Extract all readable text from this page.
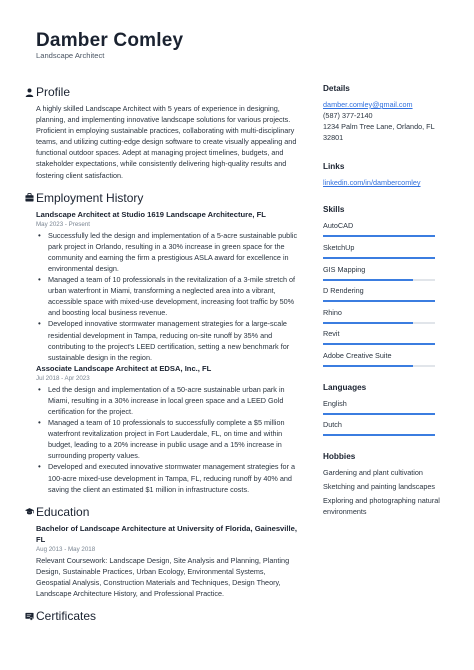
Damber Comley
Landscape Architect
Profile
A highly skilled Landscape Architect with 5 years of experience in designing, planning, and implementing innovative landscape solutions for various projects. Proficient in employing sustainable practices, collaborating with multi-disciplinary teams, and utilizing cutting-edge design software to create visually appealing and functional outdoor spaces. Adept at managing project timelines, budgets, and stakeholder expectations, while consistently delivering high-quality results and fostering client satisfaction.
Employment History
Landscape Architect at Studio 1619 Landscape Architecture, FL
May 2023 - Present
• Successfully led the design and implementation of a 5-acre sustainable public park project in Orlando, resulting in a 30% increase in green space for the community and earning the firm a prestigious ASLA award for excellence in environmental design.
• Managed a team of 10 professionals in the revitalization of a 3-mile stretch of urban waterfront in Miami, transforming a neglected area into a vibrant, accessible space with mixed-use development, increasing foot traffic by 50% and boosting local business revenue.
• Developed innovative stormwater management strategies for a large-scale residential development in Tampa, reducing on-site runoff by 35% and contributing to the project's LEED certification, setting a new benchmark for sustainable design in the region.
Associate Landscape Architect at EDSA, Inc., FL
Jul 2018 - Apr 2023
• Led the design and implementation of a 50-acre sustainable urban park in Miami, resulting in a 30% increase in local green space and a LEED Gold certification for the project.
• Managed a team of 10 professionals to successfully complete a $5 million waterfront revitalization project in Fort Lauderdale, FL, on time and within budget, leading to a 20% increase in public usage and a 15% increase in surrounding property values.
• Developed and executed innovative stormwater management strategies for a 100-acre mixed-use development in Tampa, FL, reducing runoff by 40% and saving the client an estimated $1 million in infrastructure costs.
Education
Bachelor of Landscape Architecture at University of Florida, Gainesville, FL
Aug 2013 - May 2018
Relevant Coursework: Landscape Design, Site Analysis and Planning, Planting Design, Sustainable Practices, Urban Ecology, Environmental Systems, Geospatial Analysis, Construction Materials and Techniques, Design Theory, Landscape Architecture History, and Professional Practice.
Certificates
Details
damber.comley@gmail.com
(587) 377-2140
1234 Palm Tree Lane, Orlando, FL 32801
Links
linkedin.com/in/dambercomley
Skills
AutoCAD
SketchUp
GIS Mapping
D Rendering
Rhino
Revit
Adobe Creative Suite
Languages
English
Dutch
Hobbies
Gardening and plant cultivation
Sketching and painting landscapes
Exploring and photographing natural environments
